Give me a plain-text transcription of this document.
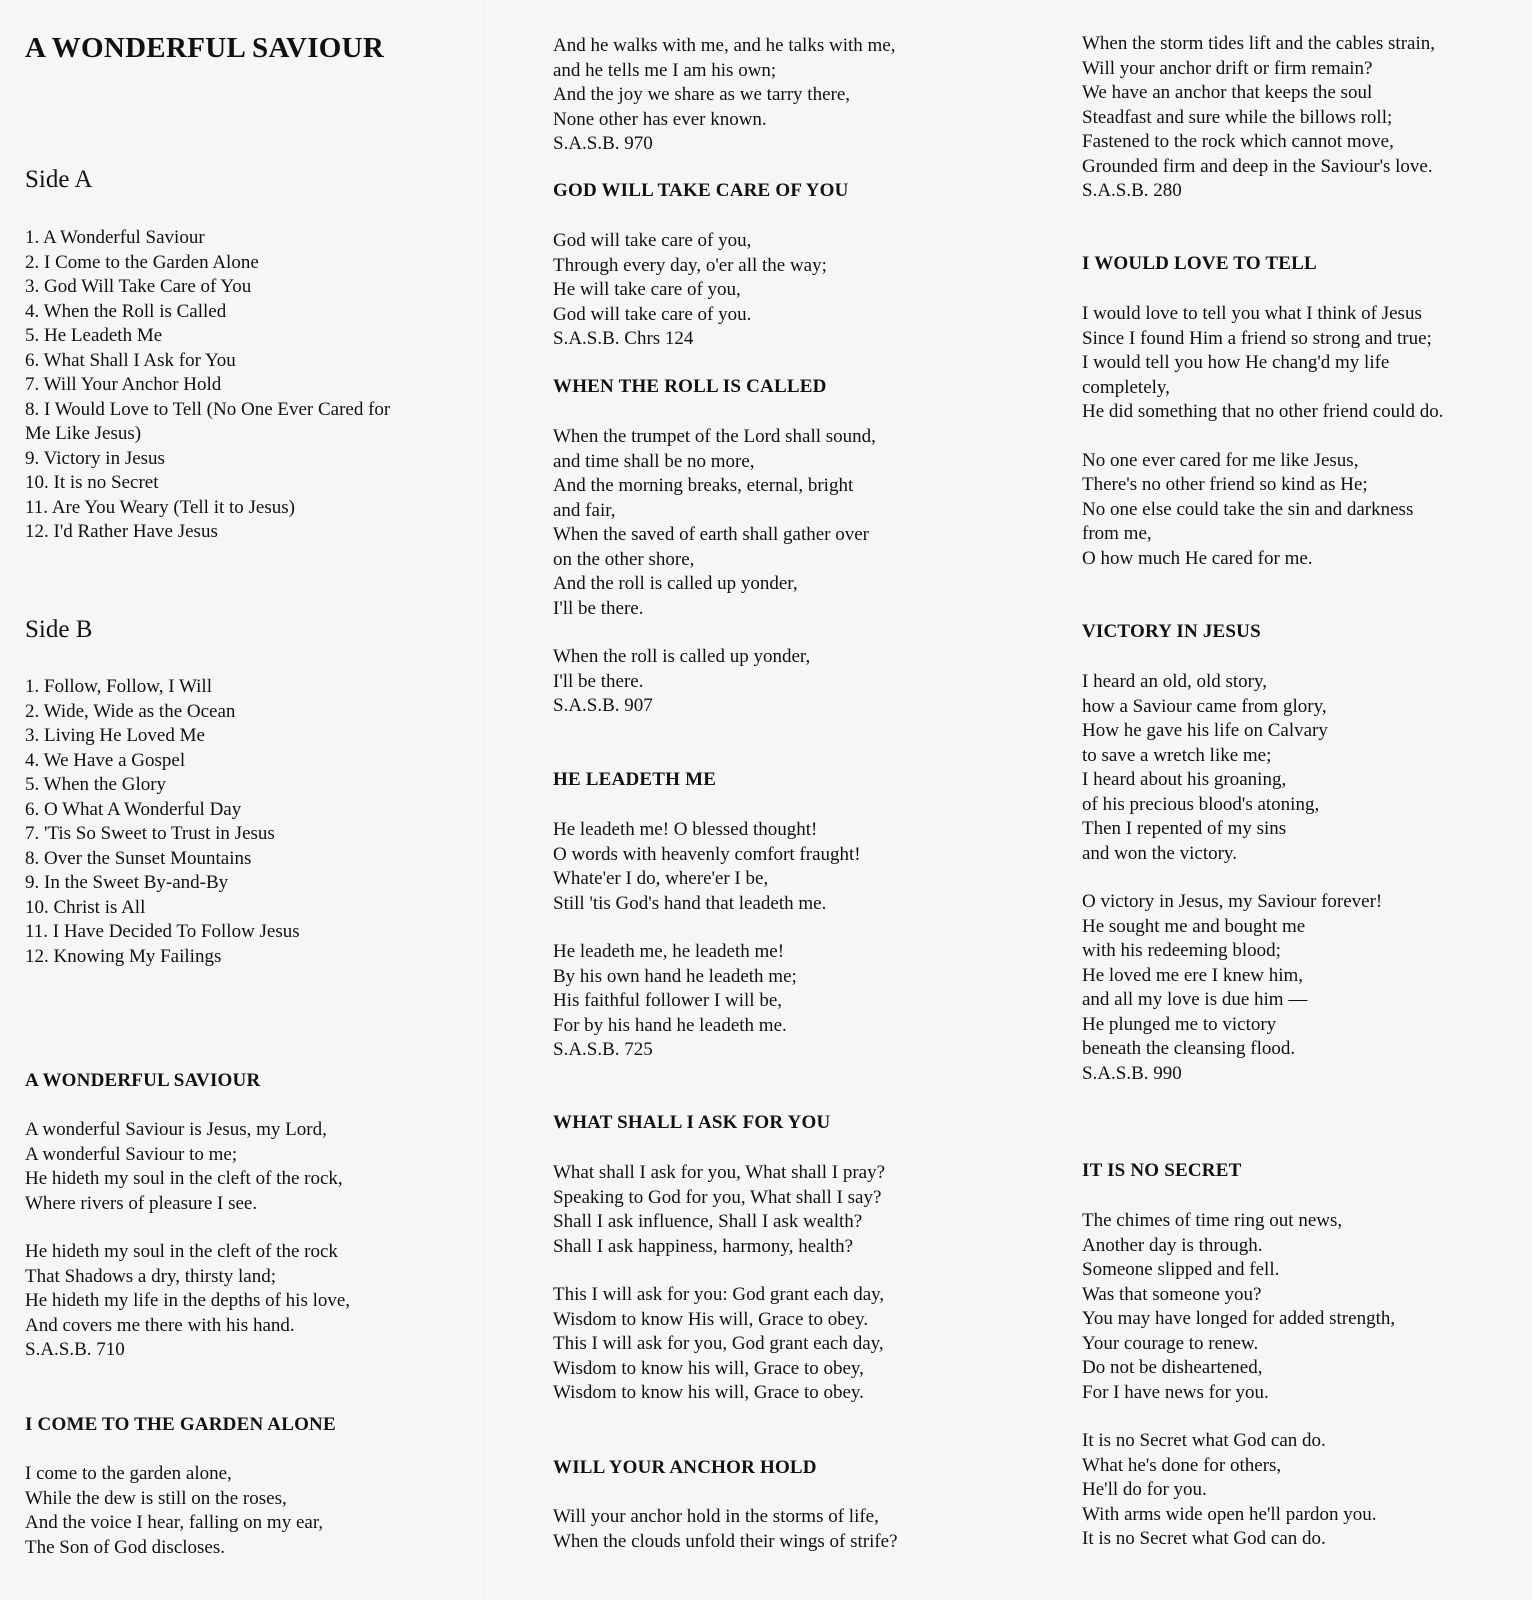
A WONDERFUL SAVIOUR
Side A
1. A Wonderful Saviour
2. I Come to the Garden Alone
3. God Will Take Care of You
4. When the Roll is Called
5. He Leadeth Me
6. What Shall I Ask for You
7. Will Your Anchor Hold
8. I Would Love to Tell (No One Ever Cared for
Me Like Jesus)
9. Victory in Jesus
10. It is no Secret
11. Are You Weary (Tell it to Jesus)
12. I'd Rather Have Jesus
Side B
1. Follow, Follow, I Will
2. Wide, Wide as the Ocean
3. Living He Loved Me
4. We Have a Gospel
5. When the Glory
6. O What A Wonderful Day
7. 'Tis So Sweet to Trust in Jesus
8. Over the Sunset Mountains
9. In the Sweet By-and-By
10. Christ is All
11. I Have Decided To Follow Jesus
12. Knowing My Failings
A WONDERFUL SAVIOUR
A wonderful Saviour is Jesus, my Lord,
A wonderful Saviour to me;
He hideth my soul in the cleft of the rock,
Where rivers of pleasure I see.
He hideth my soul in the cleft of the rock
That Shadows a dry, thirsty land;
He hideth my life in the depths of his love,
And covers me there with his hand.
S.A.S.B. 710
I COME TO THE GARDEN ALONE
I come to the garden alone,
While the dew is still on the roses,
And the voice I hear, falling on my ear,
The Son of God discloses.
And he walks with me, and he talks with me,
and he tells me I am his own;
And the joy we share as we tarry there,
None other has ever known.
S.A.S.B. 970
GOD WILL TAKE CARE OF YOU
God will take care of you,
Through every day, o'er all the way;
He will take care of you,
God will take care of you.
S.A.S.B. Chrs 124
WHEN THE ROLL IS CALLED
When the trumpet of the Lord shall sound,
and time shall be no more,
And the morning breaks, eternal, bright
and fair,
When the saved of earth shall gather over
on the other shore,
And the roll is called up yonder,
I'll be there.
When the roll is called up yonder,
I'll be there.
S.A.S.B. 907
HE LEADETH ME
He leadeth me! O blessed thought!
O words with heavenly comfort fraught!
Whate'er I do, where'er I be,
Still 'tis God's hand that leadeth me.
He leadeth me, he leadeth me!
By his own hand he leadeth me;
His faithful follower I will be,
For by his hand he leadeth me.
S.A.S.B. 725
WHAT SHALL I ASK FOR YOU
What shall I ask for you, What shall I pray?
Speaking to God for you, What shall I say?
Shall I ask influence, Shall I ask wealth?
Shall I ask happiness, harmony, health?
This I will ask for you: God grant each day,
Wisdom to know His will, Grace to obey.
This I will ask for you, God grant each day,
Wisdom to know his will, Grace to obey,
Wisdom to know his will, Grace to obey.
WILL YOUR ANCHOR HOLD
Will your anchor hold in the storms of life,
When the clouds unfold their wings of strife?
When the storm tides lift and the cables strain,
Will your anchor drift or firm remain?
We have an anchor that keeps the soul
Steadfast and sure while the billows roll;
Fastened to the rock which cannot move,
Grounded firm and deep in the Saviour's love.
S.A.S.B. 280
I WOULD LOVE TO TELL
I would love to tell you what I think of Jesus
Since I found Him a friend so strong and true;
I would tell you how He chang'd my life
completely,
He did something that no other friend could do.
No one ever cared for me like Jesus,
There's no other friend so kind as He;
No one else could take the sin and darkness
from me,
O how much He cared for me.
VICTORY IN JESUS
I heard an old, old story,
how a Saviour came from glory,
How he gave his life on Calvary
to save a wretch like me;
I heard about his groaning,
of his precious blood's atoning,
Then I repented of my sins
and won the victory.
O victory in Jesus, my Saviour forever!
He sought me and bought me
with his redeeming blood;
He loved me ere I knew him,
and all my love is due him —
He plunged me to victory
beneath the cleansing flood.
S.A.S.B. 990
IT IS NO SECRET
The chimes of time ring out news,
Another day is through.
Someone slipped and fell.
Was that someone you?
You may have longed for added strength,
Your courage to renew.
Do not be disheartened,
For I have news for you.
It is no Secret what God can do.
What he's done for others,
He'll do for you.
With arms wide open he'll pardon you.
It is no Secret what God can do.
